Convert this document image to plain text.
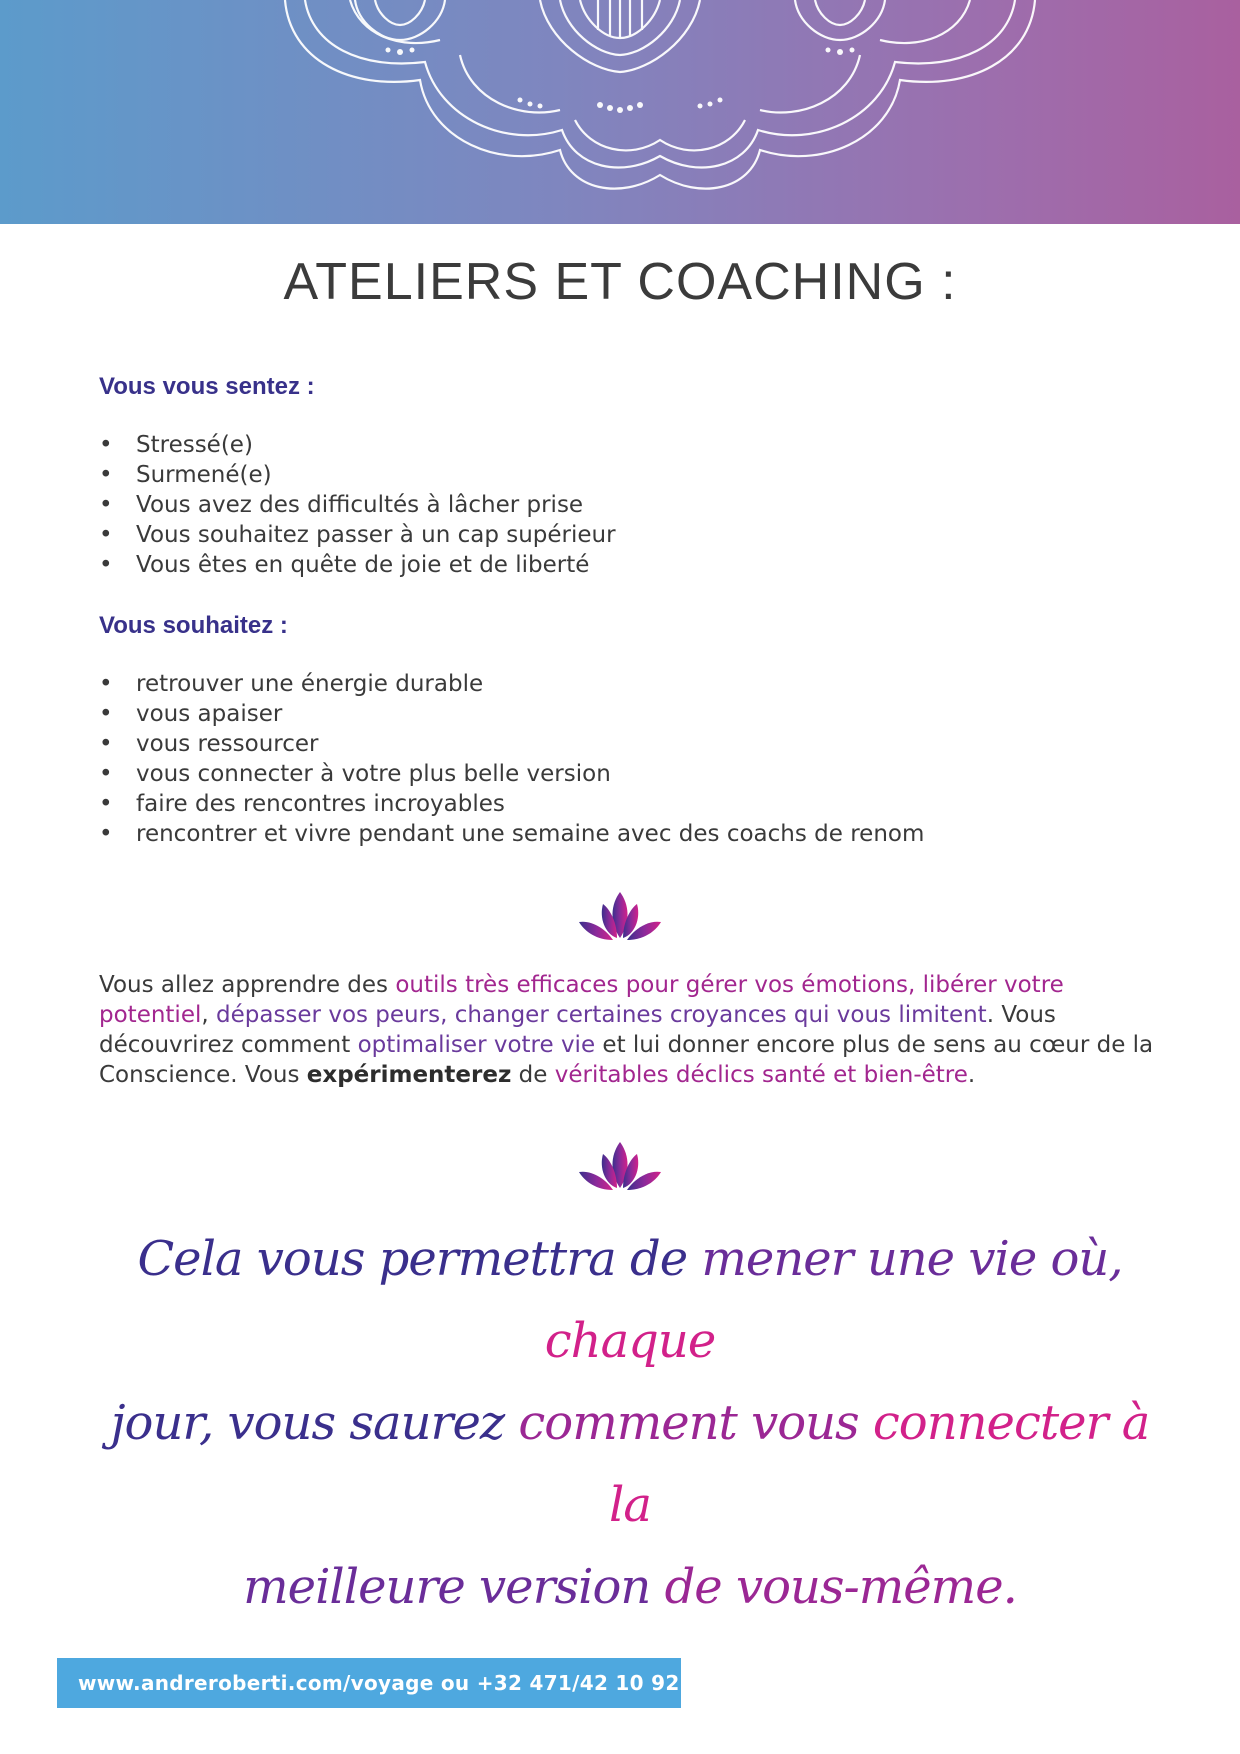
ATELIERS ET COACHING :
Vous vous sentez :
•	Stressé(e)
•	Surmené(e)
•	Vous avez des difficultés à lâcher prise
•	Vous souhaitez passer à un cap supérieur
•	Vous êtes en quête de joie et de liberté
Vous souhaitez :
•	retrouver une énergie durable
•	vous apaiser
•	vous ressourcer
•	vous connecter à votre plus belle version
•	faire des rencontres incroyables
•	rencontrer et vivre pendant une semaine avec des coachs de renom

Vous allez apprendre des outils très efficaces pour gérer vos émotions, libérer votre potentiel, dépasser vos peurs, changer certaines croyances qui vous limitent. Vous découvrirez comment optimaliser votre vie et lui donner encore plus de sens au cœur de la Conscience. Vous expérimenterez de véritables déclics santé et bien-être.

Cela vous permettra de mener une vie où, chaque
jour, vous saurez comment vous connecter à la
meilleure version de vous-même.
www.andreroberti.com/voyage ou +32 471/42 10 92
